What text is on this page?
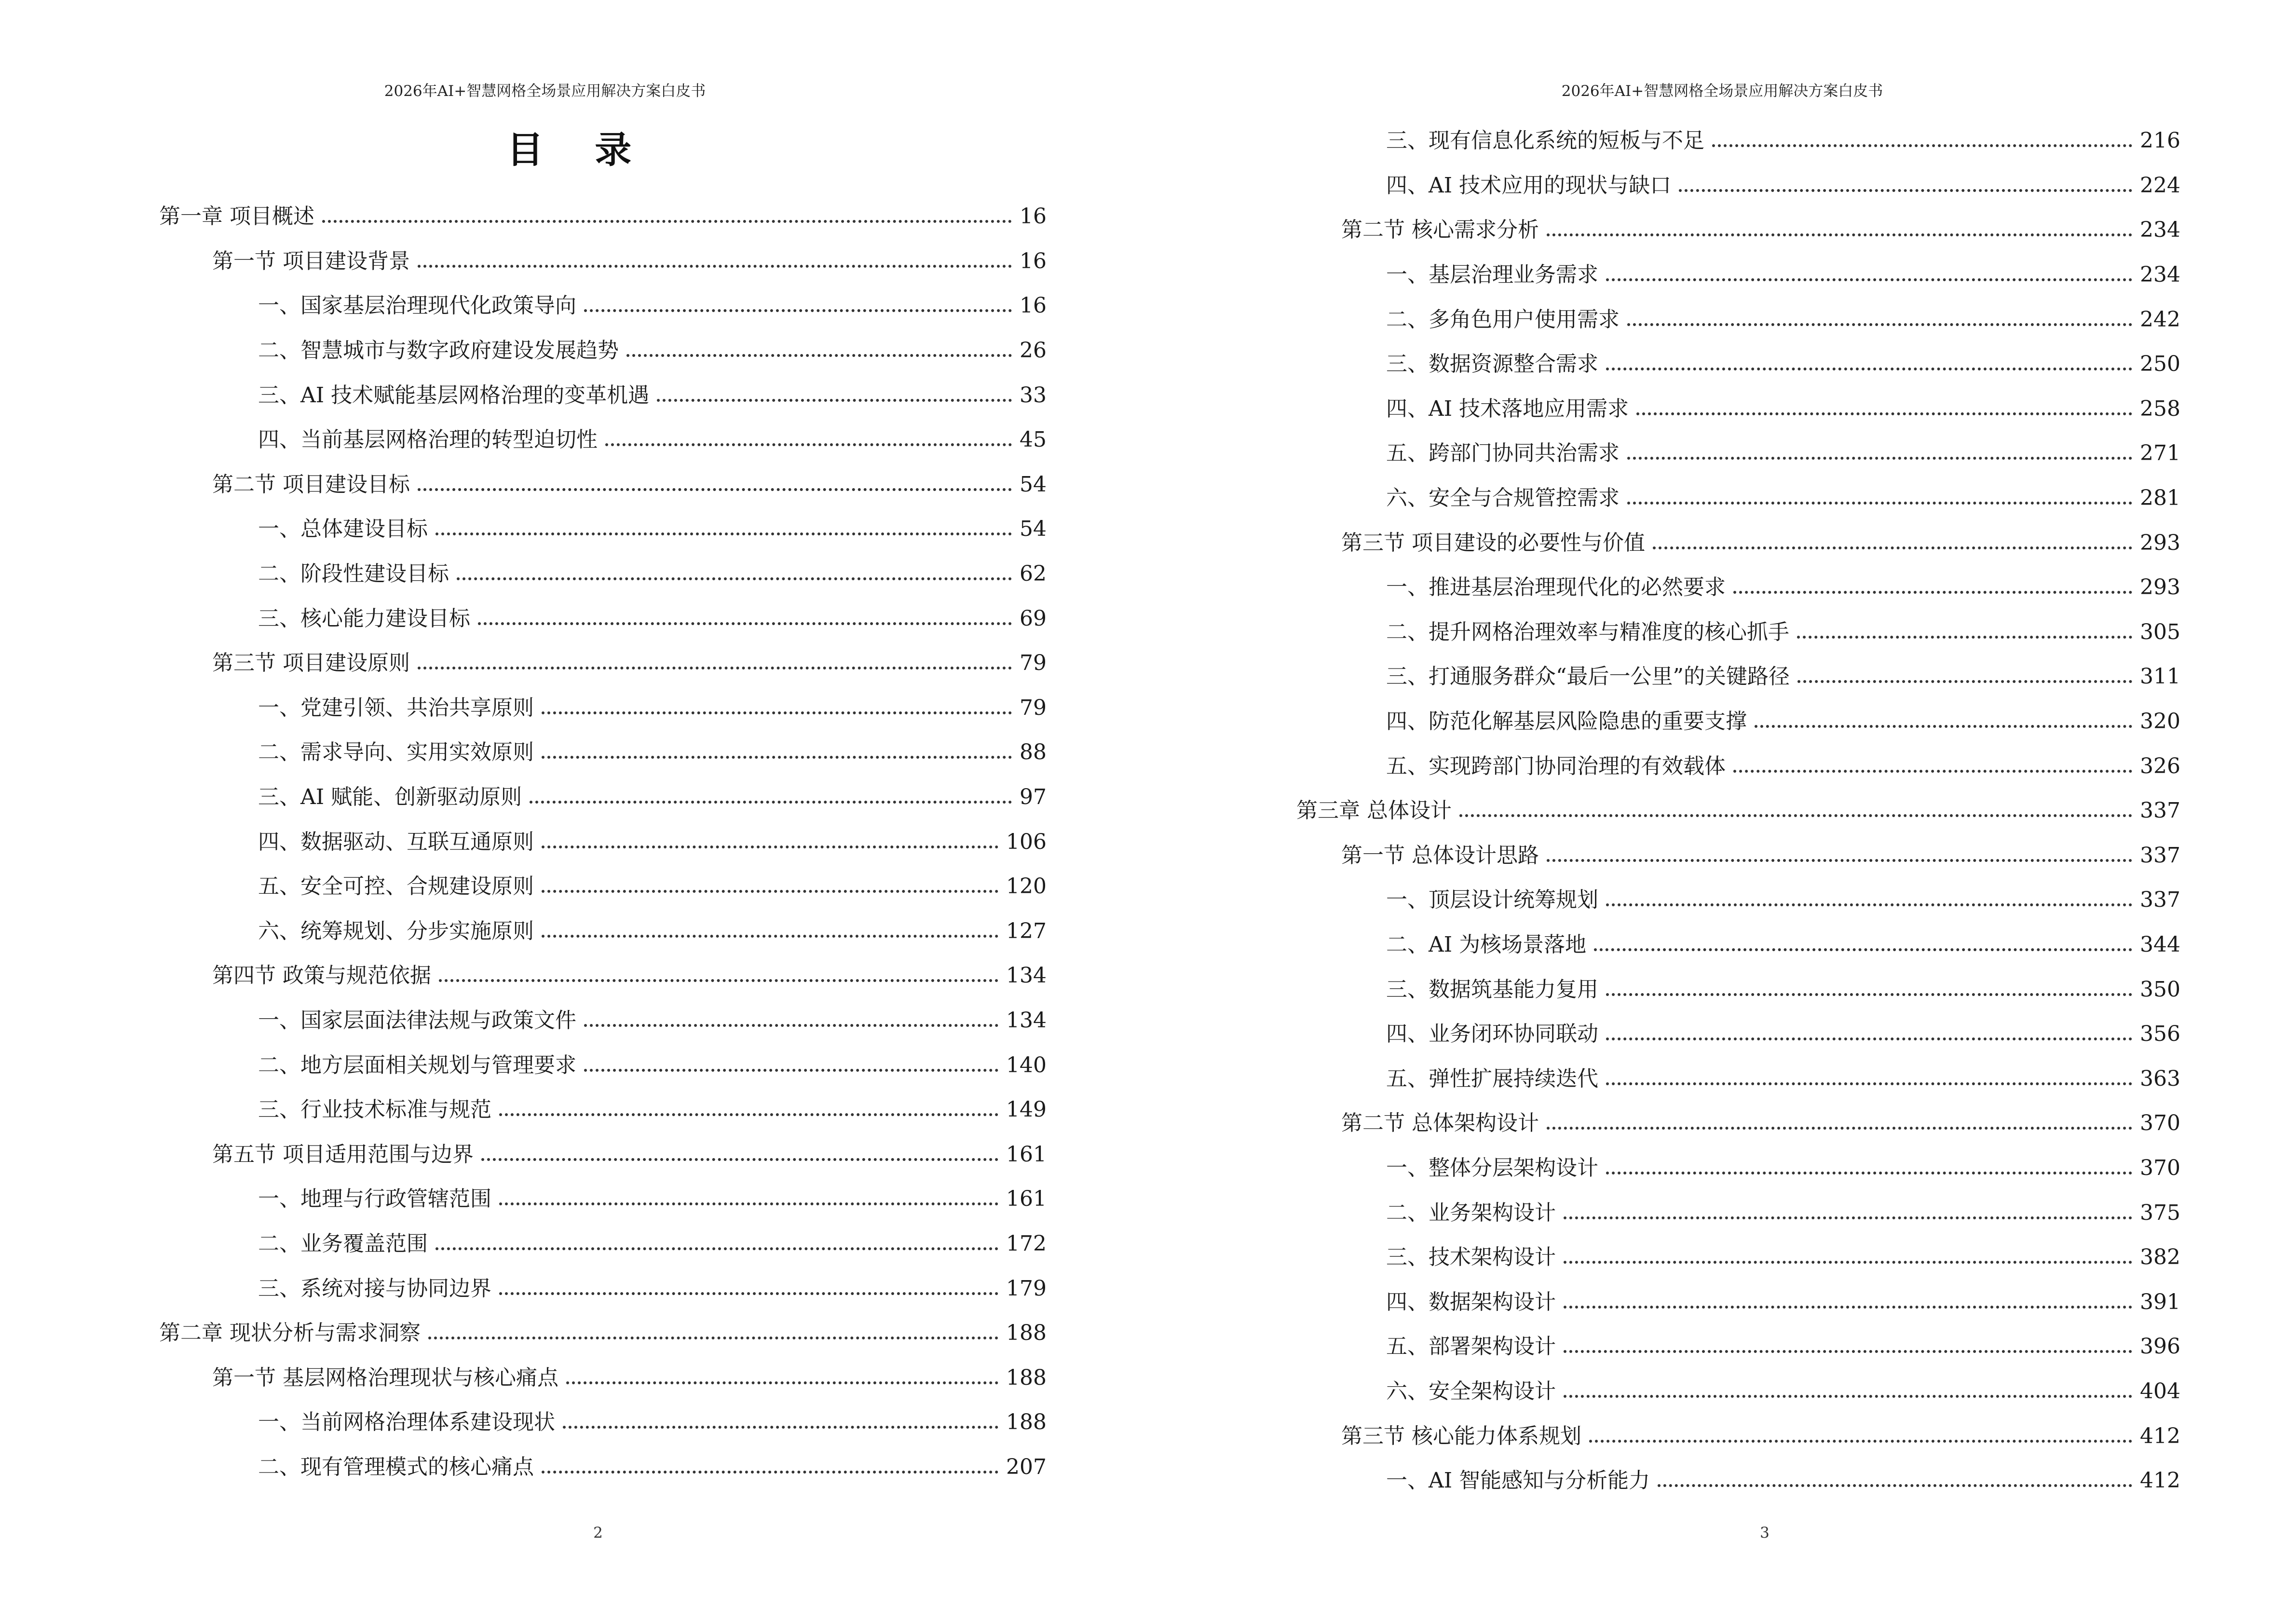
2026年AI+智慧网格全场景应用解决方案白皮书
目 录
第一章 项目概述	16
第一节 项目建设背景	16
一、国家基层治理现代化政策导向	16
二、智慧城市与数字政府建设发展趋势	26
三、AI 技术赋能基层网格治理的变革机遇	33
四、当前基层网格治理的转型迫切性	45
第二节 项目建设目标	54
一、总体建设目标	54
二、阶段性建设目标	62
三、核心能力建设目标	69
第三节 项目建设原则	79
一、党建引领、共治共享原则	79
二、需求导向、实用实效原则	88
三、AI 赋能、创新驱动原则	97
四、数据驱动、互联互通原则	106
五、安全可控、合规建设原则	120
六、统筹规划、分步实施原则	127
第四节 政策与规范依据	134
一、国家层面法律法规与政策文件	134
二、地方层面相关规划与管理要求	140
三、行业技术标准与规范	149
第五节 项目适用范围与边界	161
一、地理与行政管辖范围	161
二、业务覆盖范围	172
三、系统对接与协同边界	179
第二章 现状分析与需求洞察	188
第一节 基层网格治理现状与核心痛点	188
一、当前网格治理体系建设现状	188
二、现有管理模式的核心痛点	207
2
2026年AI+智慧网格全场景应用解决方案白皮书
三、现有信息化系统的短板与不足	216
四、AI 技术应用的现状与缺口	224
第二节 核心需求分析	234
一、基层治理业务需求	234
二、多角色用户使用需求	242
三、数据资源整合需求	250
四、AI 技术落地应用需求	258
五、跨部门协同共治需求	271
六、安全与合规管控需求	281
第三节 项目建设的必要性与价值	293
一、推进基层治理现代化的必然要求	293
二、提升网格治理效率与精准度的核心抓手	305
三、打通服务群众“最后一公里”的关键路径	311
四、防范化解基层风险隐患的重要支撑	320
五、实现跨部门协同治理的有效载体	326
第三章 总体设计	337
第一节 总体设计思路	337
一、顶层设计统筹规划	337
二、AI 为核场景落地	344
三、数据筑基能力复用	350
四、业务闭环协同联动	356
五、弹性扩展持续迭代	363
第二节 总体架构设计	370
一、整体分层架构设计	370
二、业务架构设计	375
三、技术架构设计	382
四、数据架构设计	391
五、部署架构设计	396
六、安全架构设计	404
第三节 核心能力体系规划	412
一、AI 智能感知与分析能力	412
3
